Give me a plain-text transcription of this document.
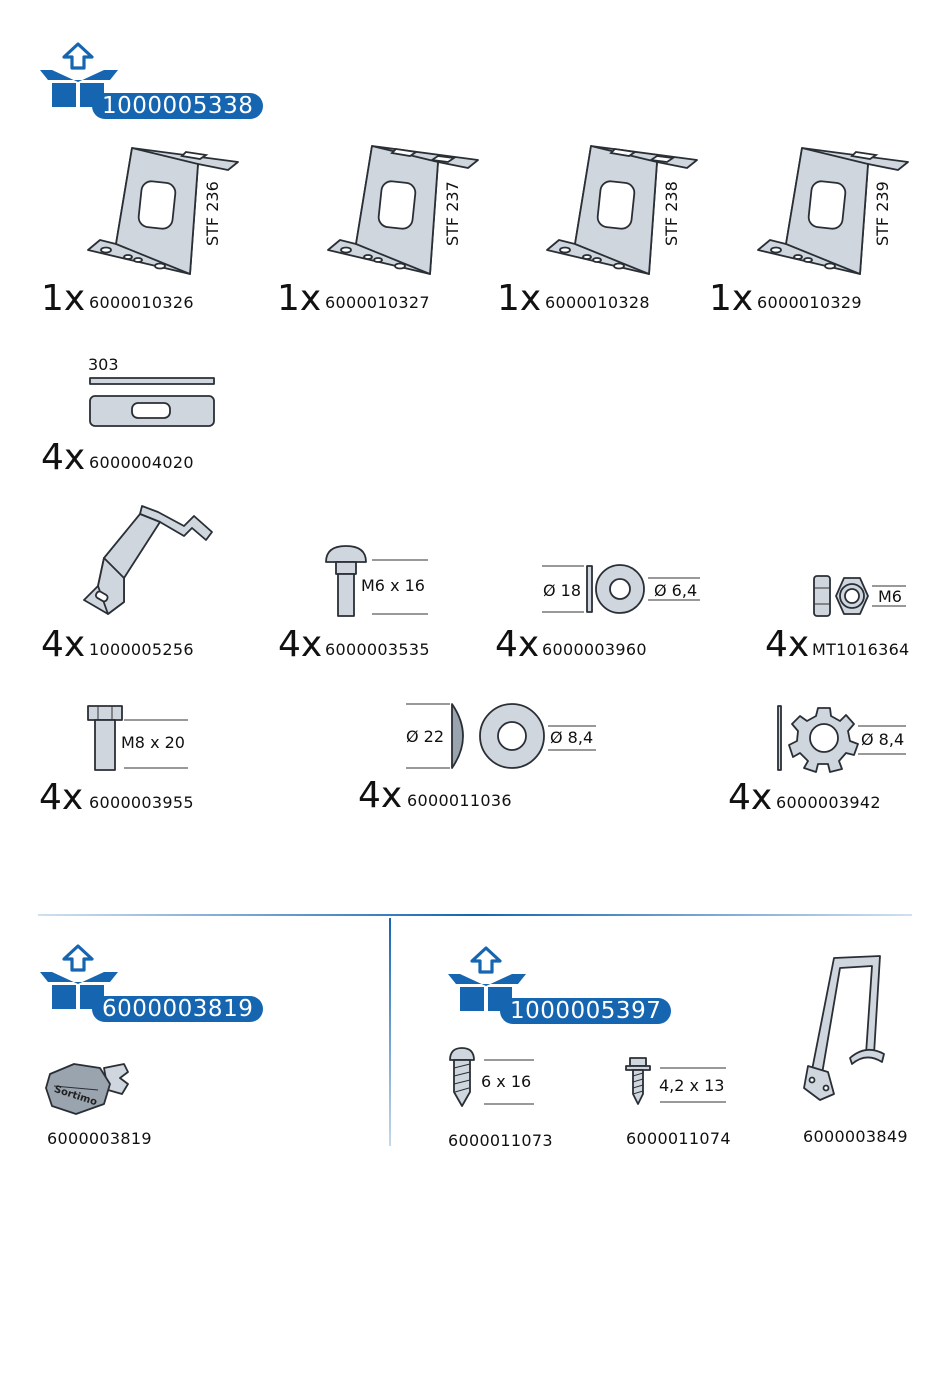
1000005338
STF 236
1x 6000010326
STF 237
1x 6000010327
STF 238
1x 6000010328
STF 239
1x 6000010329
303
4x 6000004020
4x 1000005256
M6 x 16
4x 6000003535
Ø 18	Ø 6,4
4x 6000003960
M6
4x MT1016364
M8 x 20
4x 6000003955
Ø 22	Ø 8,4
4x 6000011036
Ø 8,4
4x 6000003942
6000003819
Sortimo
6000003819
1000005397
6 x 16
6000011073
4,2 x 13
6000011074	6000003849
